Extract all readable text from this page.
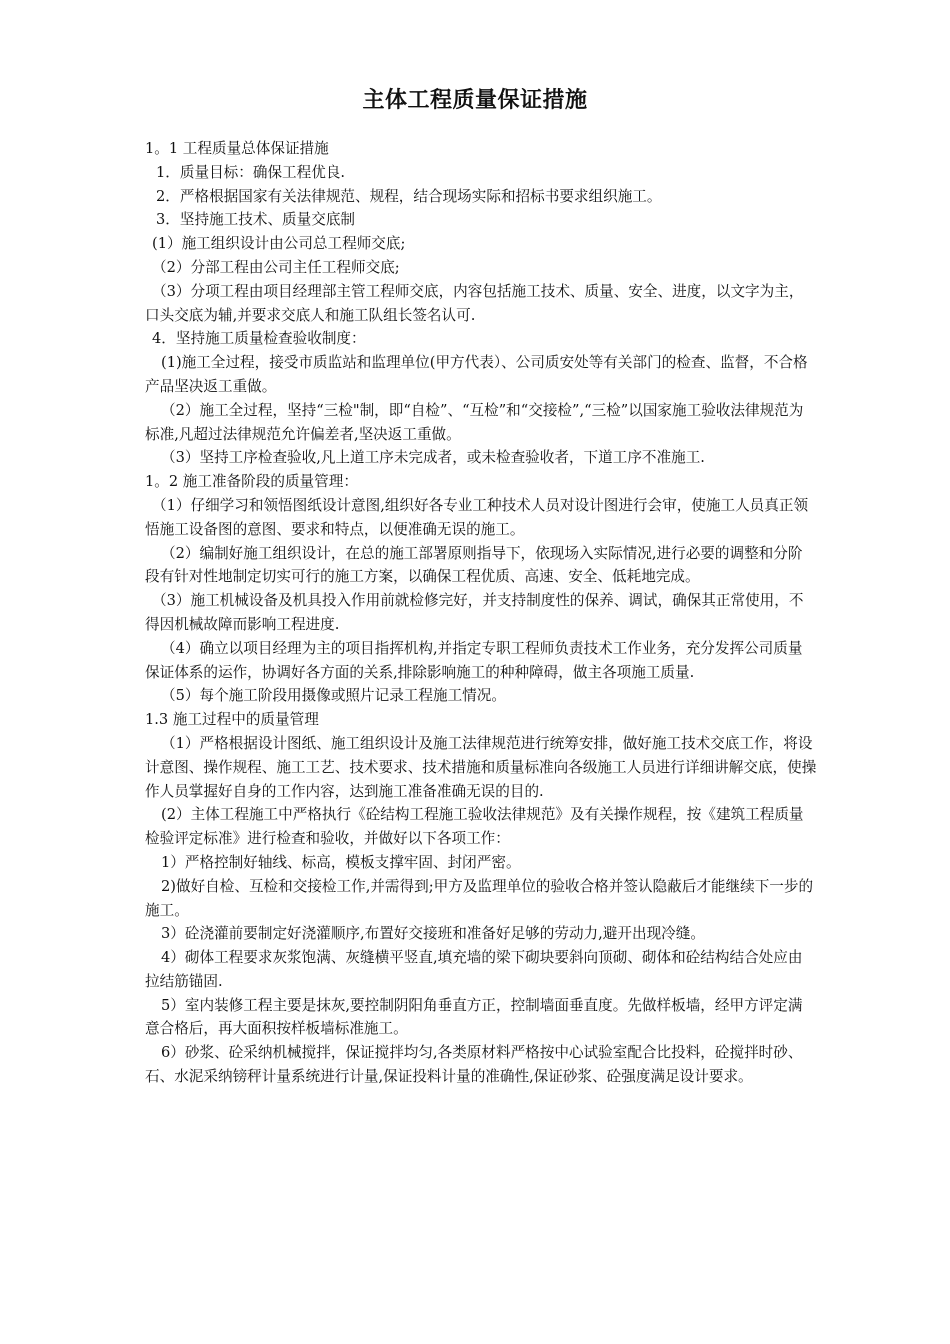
主体工程质量保证措施

1。1 工程质量总体保证措施

1．质量目标：确保工程优良.

2．严格根据国家有关法律规范、规程，结合现场实际和招标书要求组织施工。

3．坚持施工技术、质量交底制

(1）施工组织设计由公司总工程师交底;

（2）分部工程由公司主任工程师交底;

（3）分项工程由项目经理部主管工程师交底，内容包括施工技术、质量、安全、进度，以文字为主，口头交底为辅,并要求交底人和施工队组长签名认可.

4．坚持施工质量检查验收制度：

(1)施工全过程，接受市质监站和监理单位(甲方代表）、公司质安处等有关部门的检查、监督，不合格产品坚决返工重做。

（2）施工全过程，坚持“三检"制，即“自检”、“互检”和“交接检”,“三检”以国家施工验收法律规范为标准,凡超过法律规范允许偏差者,坚决返工重做。

（3）坚持工序检查验收,凡上道工序未完成者，或未检查验收者，下道工序不准施工.

1。2 施工准备阶段的质量管理：

（1）仔细学习和领悟图纸设计意图,组织好各专业工种技术人员对设计图进行会审，使施工人员真正领悟施工设备图的意图、要求和特点，以便准确无误的施工。

（2）编制好施工组织设计，在总的施工部署原则指导下，依现场入实际情况,进行必要的调整和分阶段有针对性地制定切实可行的施工方案，以确保工程优质、高速、安全、低耗地完成。

（3）施工机械设备及机具投入作用前就检修完好，并支持制度性的保养、调试，确保其正常使用，不得因机械故障而影响工程进度.

（4）确立以项目经理为主的项目指挥机构,并指定专职工程师负责技术工作业务，充分发挥公司质量保证体系的运作，协调好各方面的关系,排除影响施工的种种障碍，做主各项施工质量.

（5）每个施工阶段用摄像或照片记录工程施工情况。

1.3 施工过程中的质量管理

（1）严格根据设计图纸、施工组织设计及施工法律规范进行统筹安排，做好施工技术交底工作，将设计意图、操作规程、施工工艺、技术要求、技术措施和质量标准向各级施工人员进行详细讲解交底，使操作人员掌握好自身的工作内容，达到施工准备准确无误的目的.

(2）主体工程施工中严格执行《砼结构工程施工验收法律规范》及有关操作规程，按《建筑工程质量检验评定标准》进行检查和验收，并做好以下各项工作：

1）严格控制好轴线、标高，模板支撑牢固、封闭严密。

2)做好自检、互检和交接检工作,并需得到;甲方及监理单位的验收合格并签认隐蔽后才能继续下一步的施工。

3）砼浇灌前要制定好浇灌顺序,布置好交接班和准备好足够的劳动力,避开出现冷缝。

4）砌体工程要求灰浆饱满、灰缝横平竖直,填充墙的梁下砌块要斜向顶砌、砌体和砼结构结合处应由拉结筋锚固.

5）室内装修工程主要是抹灰,要控制阴阳角垂直方正，控制墙面垂直度。先做样板墙，经甲方评定满意合格后，再大面积按样板墙标准施工。

6）砂浆、砼采纳机械搅拌，保证搅拌均匀,各类原材料严格按中心试验室配合比投料，砼搅拌时砂、石、水泥采纳镑秤计量系统进行计量,保证投料计量的准确性,保证砂浆、砼强度满足设计要求。
